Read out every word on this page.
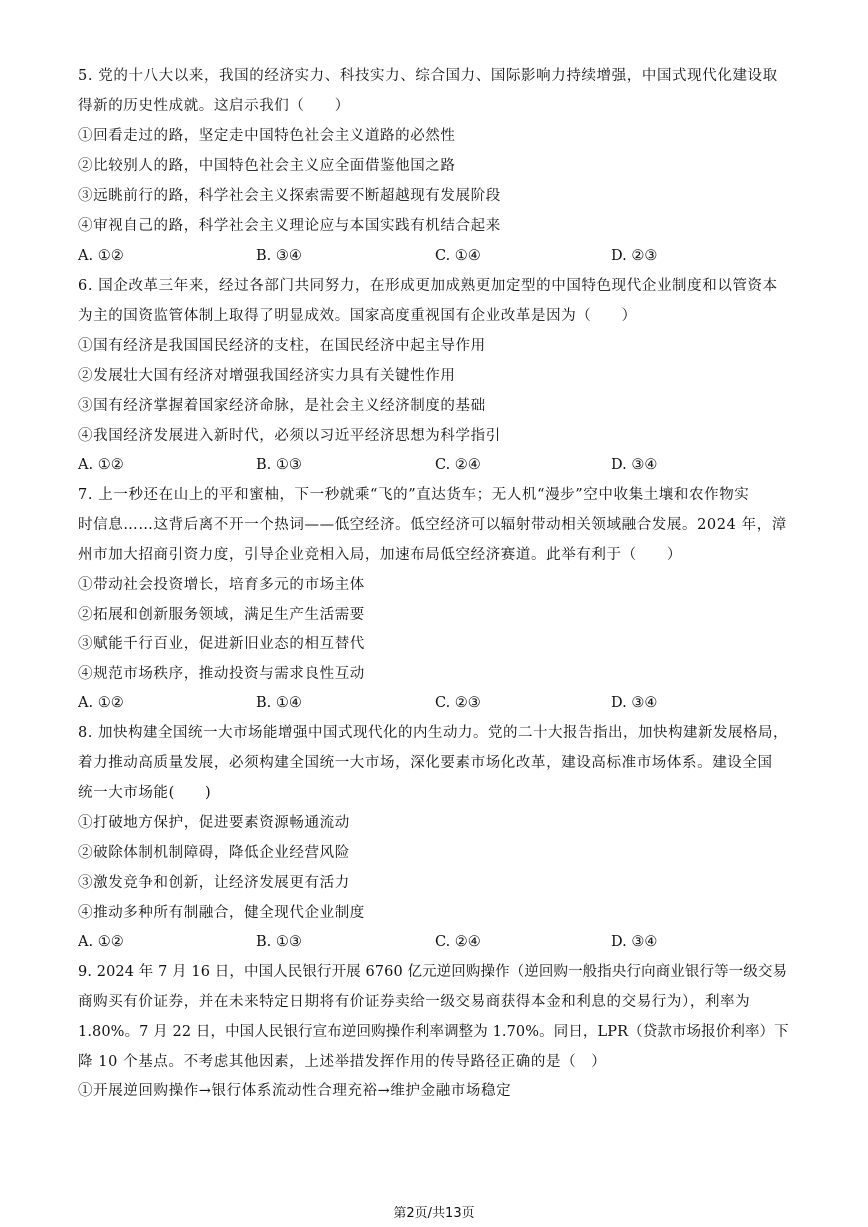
5. 党的十八大以来，我国的经济实力、科技实力、综合国力、国际影响力持续增强，中国式现代化建设取
得新的历史性成就。这启示我们（　　）
①回看走过的路，坚定走中国特色社会主义道路的必然性
②比较别人的路，中国特色社会主义应全面借鉴他国之路
③远眺前行的路，科学社会主义探索需要不断超越现有发展阶段
④审视自己的路，科学社会主义理论应与本国实践有机结合起来
A. ①②	B. ③④	C. ①④	D. ②③
6. 国企改革三年来，经过各部门共同努力，在形成更加成熟更加定型的中国特色现代企业制度和以管资本
为主的国资监管体制上取得了明显成效。国家高度重视国有企业改革是因为（　　）
①国有经济是我国国民经济的支柱，在国民经济中起主导作用
②发展壮大国有经济对增强我国经济实力具有关键性作用
③国有经济掌握着国家经济命脉，是社会主义经济制度的基础
④我国经济发展进入新时代，必须以习近平经济思想为科学指引
A. ①②	B. ①③	C. ②④	D. ③④
7. 上一秒还在山上的平和蜜柚，下一秒就乘“飞的”直达货车；无人机“漫步”空中收集土壤和农作物实
时信息……这背后离不开一个热词——低空经济。低空经济可以辐射带动相关领域融合发展。2024 年，漳
州市加大招商引资力度，引导企业竞相入局，加速布局低空经济赛道。此举有利于（　　）
①带动社会投资增长，培育多元的市场主体
②拓展和创新服务领域，满足生产生活需要
③赋能千行百业，促进新旧业态的相互替代
④规范市场秩序，推动投资与需求良性互动
A. ①②	B. ①④	C. ②③	D. ③④
8. 加快构建全国统一大市场能增强中国式现代化的内生动力。党的二十大报告指出，加快构建新发展格局，
着力推动高质量发展，必须构建全国统一大市场，深化要素市场化改革，建设高标准市场体系。建设全国
统一大市场能(　　)
①打破地方保护，促进要素资源畅通流动
②破除体制机制障碍，降低企业经营风险
③激发竞争和创新，让经济发展更有活力
④推动多种所有制融合，健全现代企业制度
A. ①②	B. ①③	C. ②④	D. ③④
9. 2024 年 7 月 16 日，中国人民银行开展 6760 亿元逆回购操作（逆回购一般指央行向商业银行等一级交易
商购买有价证券，并在未来特定日期将有价证券卖给一级交易商获得本金和利息的交易行为），利率为
1.80%。7 月 22 日，中国人民银行宣布逆回购操作利率调整为 1.70%。同日，LPR（贷款市场报价利率）下
降 10 个基点。不考虑其他因素，上述举措发挥作用的传导路径正确的是（　）
①开展逆回购操作→银行体系流动性合理充裕→维护金融市场稳定
第2页/共13页
